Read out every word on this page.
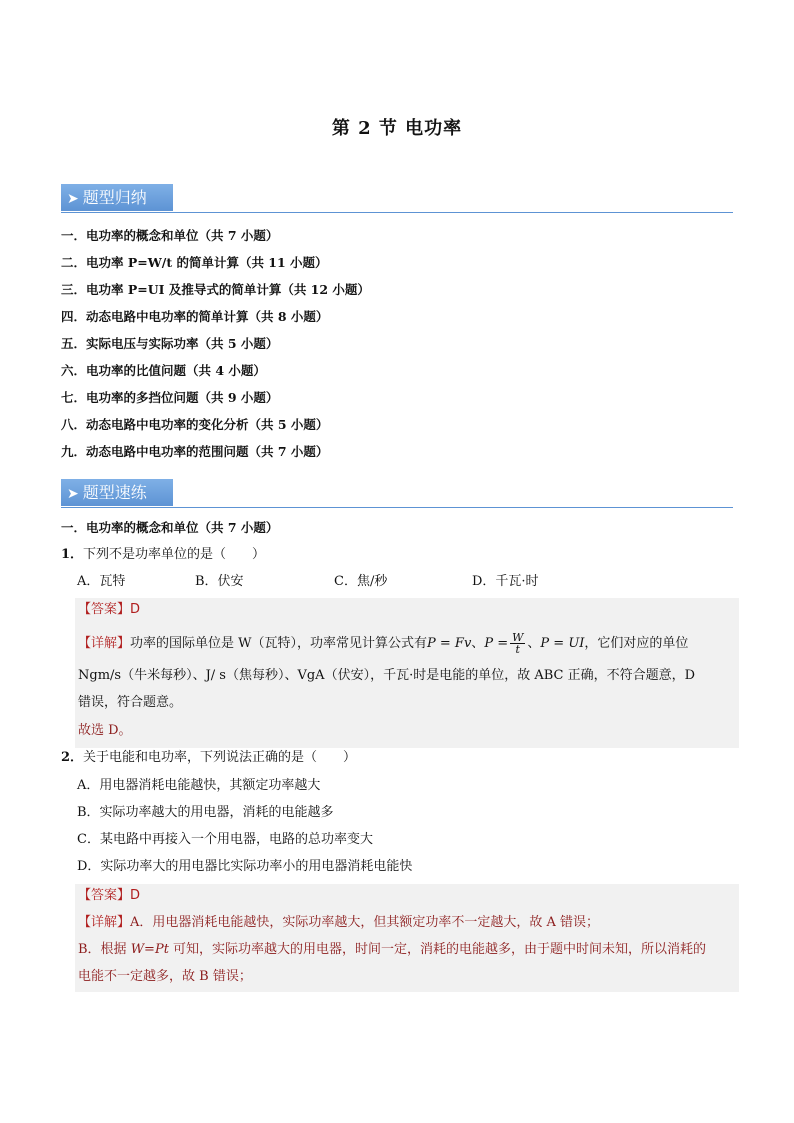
第 2 节 电功率
➤ 题型归纳
一．电功率的概念和单位（共 7 小题）
二．电功率 P=W/t 的简单计算（共 11 小题）
三．电功率 P=UI 及推导式的简单计算（共 12 小题）
四．动态电路中电功率的简单计算（共 8 小题）
五．实际电压与实际功率（共 5 小题）
六．电功率的比值问题（共 4 小题）
七．电功率的多挡位问题（共 9 小题）
八．动态电路中电功率的变化分析（共 5 小题）
九．动态电路中电功率的范围问题（共 7 小题）
➤ 题型速练
一．电功率的概念和单位（共 7 小题）
1．下列不是功率单位的是（　　）
A．瓦特	B．伏安	C．焦/秒	D．千瓦·时
【答案】D
【详解】功率的国际单位是 W（瓦特），功率常见计算公式有P = Fv、$P = \frac{W}{t}$ 、P = UI，它们对应的单位
Ngm/s（牛米每秒）、J/ s（焦每秒）、VgA（伏安），千瓦·时是电能的单位，故 ABC 正确，不符合题意，D
错误，符合题意。
故选 D。
2．关于电能和电功率，下列说法正确的是（　　）
A．用电器消耗电能越快，其额定功率越大
B．实际功率越大的用电器，消耗的电能越多
C．某电路中再接入一个用电器，电路的总功率变大
D．实际功率大的用电器比实际功率小的用电器消耗电能快
【答案】D
【详解】A．用电器消耗电能越快，实际功率越大，但其额定功率不一定越大，故 A 错误；
B．根据 W=Pt 可知，实际功率越大的用电器，时间一定，消耗的电能越多，由于题中时间未知，所以消耗的
电能不一定越多，故 B 错误；
